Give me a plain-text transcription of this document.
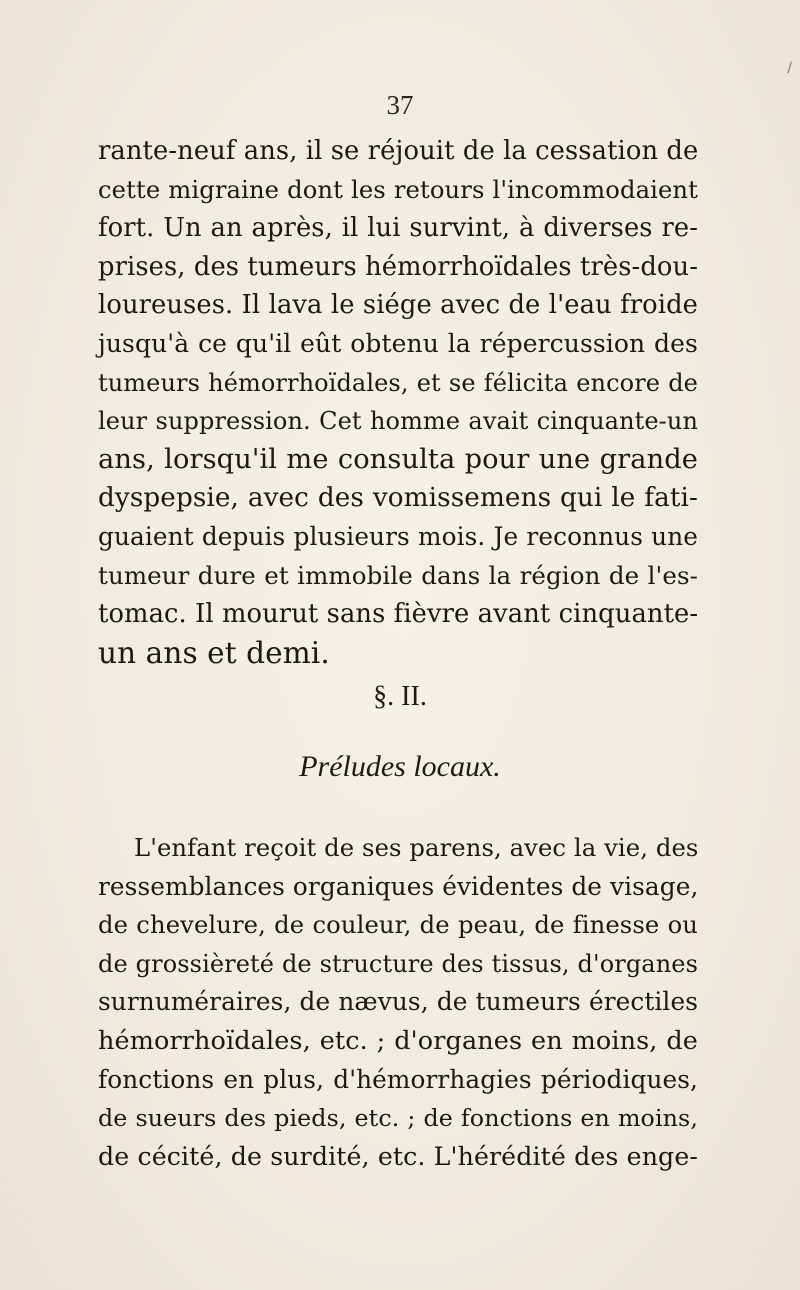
/
37
rante-neuf ans, il se réjouit de la cessation de
cette migraine dont les retours l'incommodaient
fort. Un an après, il lui survint, à diverses re-
prises, des tumeurs hémorrhoïdales très-dou-
loureuses. Il lava le siége avec de l'eau froide
jusqu'à ce qu'il eût obtenu la répercussion des
tumeurs hémorrhoïdales, et se félicita encore de
leur suppression. Cet homme avait cinquante-un
ans, lorsqu'il me consulta pour une grande
dyspepsie, avec des vomissemens qui le fati-
guaient depuis plusieurs mois. Je reconnus une
tumeur dure et immobile dans la région de l'es-
tomac. Il mourut sans fièvre avant cinquante-
un ans et demi.
§. II.
Préludes locaux.
L'enfant reçoit de ses parens, avec la vie, des
ressemblances organiques évidentes de visage,
de chevelure, de couleur, de peau, de finesse ou
de grossièreté de structure des tissus, d'organes
surnuméraires, de nævus, de tumeurs érectiles
hémorrhoïdales, etc. ; d'organes en moins, de
fonctions en plus, d'hémorrhagies périodiques,
de sueurs des pieds, etc. ; de fonctions en moins,
de cécité, de surdité, etc. L'hérédité des enge-
